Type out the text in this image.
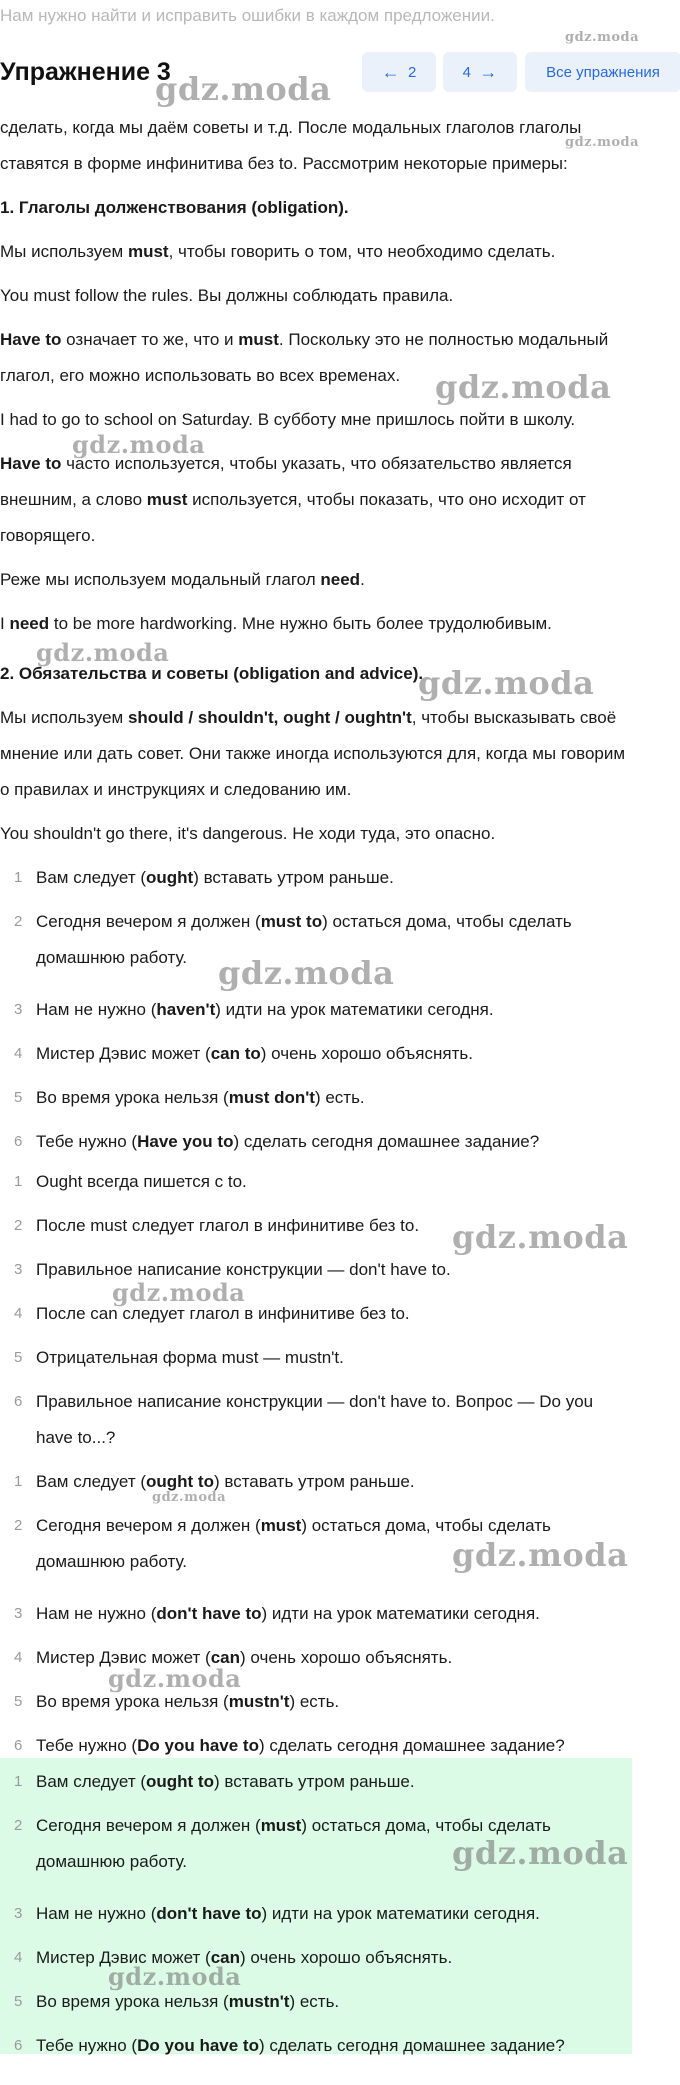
Нам нужно найти и исправить ошибки в каждом предложении.
gdz.moda
Упражнение 3	←
2	4
→	Все упражнения
gdz.moda
gdz.moda

сделать, когда мы даём советы и т.д. После модальных глаголов глаголы

ставятся в форме инфинитива без to. Рассмотрим некоторые примеры:

1. Глаголы долженствования (obligation).

Мы используем must, чтобы говорить о том, что необходимо сделать.

You must follow the rules. Вы должны соблюдать правила.

Have to означает то же, что и must. Поскольку это не полностью модальный

глагол, его можно использовать во всех временах.	gdz.moda

I had to go to school on Saturday. В субботу мне пришлось пойти в школу.

gdz.moda

Have to часто используется, чтобы указать, что обязательство является

внешним, а слово must используется, чтобы показать, что оно исходит от

говорящего.

Реже мы используем модальный глагол need.

I need to be more hardworking. Мне нужно быть более трудолюбивым.

gdz.moda

2. Обязательства и советы (obligation and advice).

gdz.moda

Мы используем should / shouldn't, ought / oughtn't, чтобы высказывать своё

мнение или дать совет. Они также иногда используются для, когда мы говорим

о правилах и инструкциях и следованию им.

You shouldn't go there, it's dangerous. Не ходи туда, это опасно.

1 Вам следует (ought) вставать утром раньше.
2 Сегодня вечером я должен (must to) остаться дома, чтобы сделать
домашнюю работу. gdz.moda
3 Нам не нужно (haven't) идти на урок математики сегодня.
4 Мистер Дэвис может (can to) очень хорошо объяснять.
5 Во время урока нельзя (must don't) есть.
6 Тебе нужно (Have you to) сделать сегодня домашнее задание?
1 Ought всегда пишется с to.
2 После must следует глагол в инфинитиве без to.	gdz.moda
3 Правильное написание конструкции — don't have to.
gdz.moda
4 После can следует глагол в инфинитиве без to.
5 Отрицательная форма must — mustn't.
6 Правильное написание конструкции — don't have to. Вопрос — Do you
have to...?
1 Вам следует (ought to) вставать утром раньше.
gdz.moda
2 Сегодня вечером я должен (must) остаться дома, чтобы сделать
домашнюю работу.	gdz.moda
3 Нам не нужно (don't have to) идти на урок математики сегодня.
4 Мистер Дэвис может (can) очень хорошо объяснять.
gdz.moda
5 Во время урока нельзя (mustn't) есть.
6 Тебе нужно (Do you have to) сделать сегодня домашнее задание?
1 Вам следует (ought to) вставать утром раньше.
2 Сегодня вечером я должен (must) остаться дома, чтобы сделать
домашнюю работу.	gdz.moda
3 Нам не нужно (don't have to) идти на урок математики сегодня.
4 Мистер Дэвис может (can) очень хорошо объяснять.
gdz.moda
5 Во время урока нельзя (mustn't) есть.
6 Тебе нужно (Do you have to) сделать сегодня домашнее задание?
